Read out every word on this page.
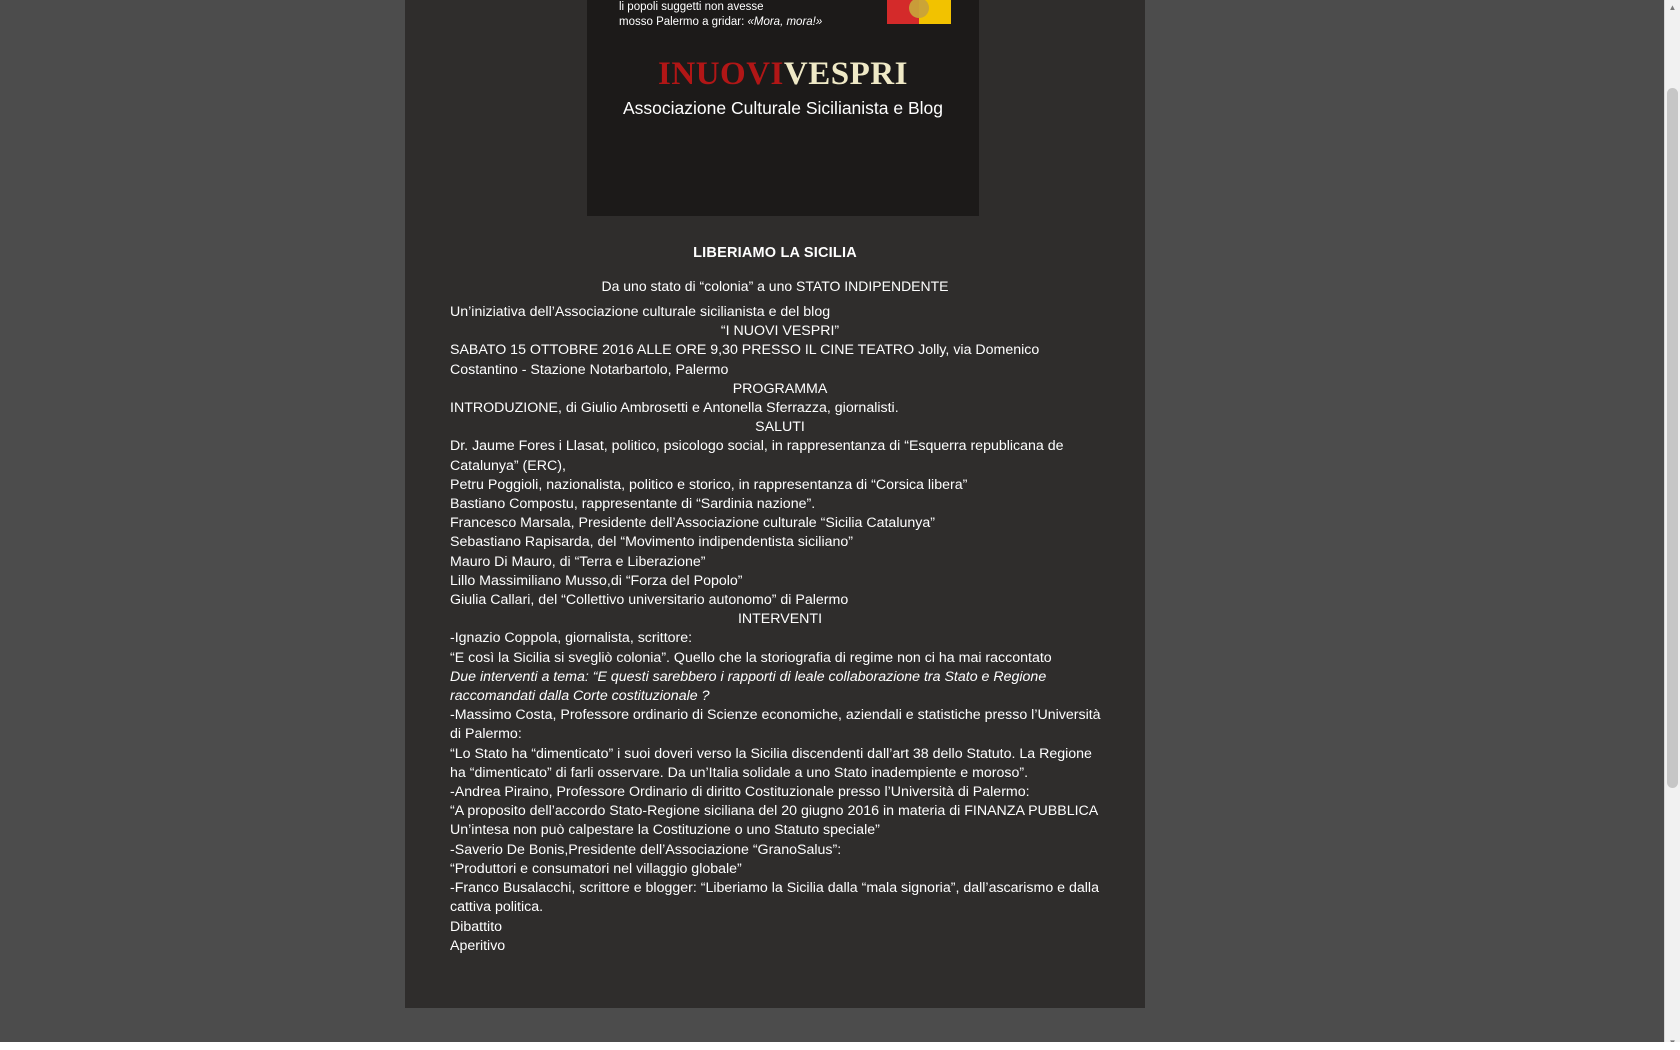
li popoli suggetti non avesse
mosso Palermo a gridar: «Mora, mora!»
INUOVIVESPRI
Associazione Culturale Sicilianista e Blog
LIBERIAMO LA SICILIA
Da uno stato di “colonia” a uno STATO INDIPENDENTE

Un’iniziativa dell’Associazione culturale sicilianista e del blog

“I NUOVI VESPRI”

SABATO 15 OTTOBRE 2016 ALLE ORE 9,30 PRESSO IL CINE TEATRO Jolly, via Domenico Costantino - Stazione Notarbartolo, Palermo

PROGRAMMA

INTRODUZIONE, di Giulio Ambrosetti e Antonella Sferrazza, giornalisti.

SALUTI

Dr. Jaume Fores i Llasat, politico, psicologo social, in rappresentanza di “Esquerra republicana de Catalunya” (ERC),

Petru Poggioli, nazionalista, politico e storico, in rappresentanza di “Corsica libera”

Bastiano Compostu, rappresentante di “Sardinia nazione”.

Francesco Marsala, Presidente dell’Associazione culturale “Sicilia Catalunya”

Sebastiano Rapisarda, del “Movimento indipendentista siciliano”

Mauro Di Mauro, di “Terra e Liberazione”

Lillo Massimiliano Musso,di “Forza del Popolo”

Giulia Callari, del “Collettivo universitario autonomo” di Palermo

INTERVENTI

-Ignazio Coppola, giornalista, scrittore:

“E così la Sicilia si svegliò colonia”. Quello che la storiografia di regime non ci ha mai raccontato

Due interventi a tema: “E questi sarebbero i rapporti di leale collaborazione tra Stato e Regione raccomandati dalla Corte costituzionale ?

-Massimo Costa, Professore ordinario di Scienze economiche, aziendali e statistiche presso l’Università di Palermo:

“Lo Stato ha “dimenticato” i suoi doveri verso la Sicilia discendenti dall’art 38 dello Statuto. La Regione ha “dimenticato” di farli osservare. Da un’Italia solidale a uno Stato inadempiente e moroso”.

-Andrea Piraino, Professore Ordinario di diritto Costituzionale presso l’Università di Palermo:

“A proposito dell’accordo Stato-Regione siciliana del 20 giugno 2016 in materia di FINANZA PUBBLICA Un’intesa non può calpestare la Costituzione o uno Statuto speciale”

-Saverio De Bonis,Presidente dell’Associazione “GranoSalus”:

“Produttori e consumatori nel villaggio globale”

-Franco Busalacchi, scrittore e blogger: “Liberiamo la Sicilia dalla “mala signoria”, dall’ascarismo e dalla cattiva politica.

Dibattito

Aperitivo

▲
